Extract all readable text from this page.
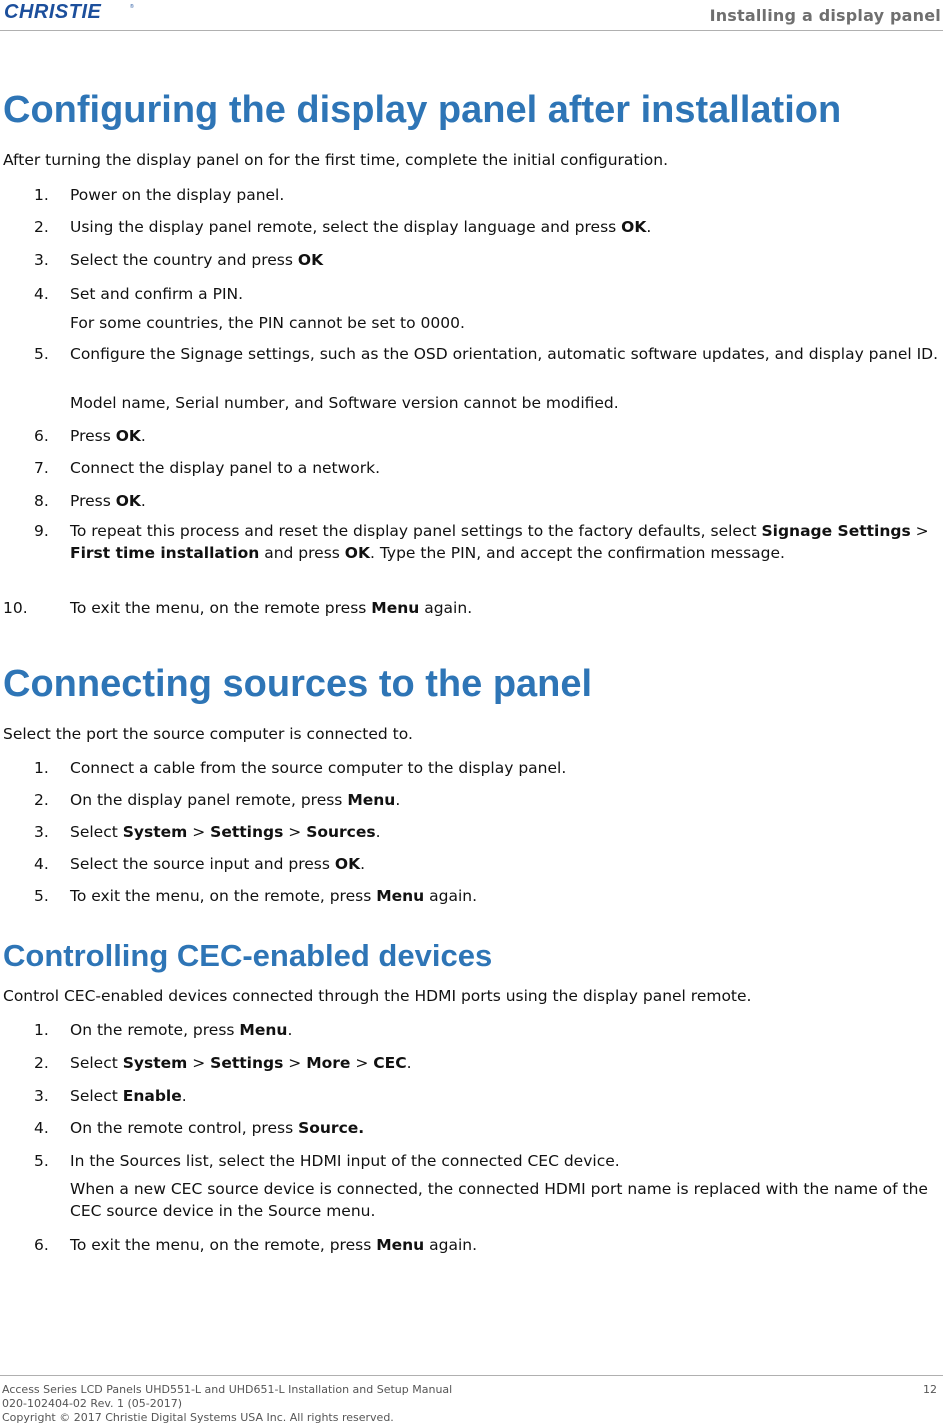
CHRISTIE	®	Installing a display panel
Configuring the display panel after installation
After turning the display panel on for the first time, complete the initial configuration.
1. Power on the display panel.
2. Using the display panel remote, select the display language and press OK.
3. Select the country and press OK
4. Set and confirm a PIN.
For some countries, the PIN cannot be set to 0000.
5. Configure the Signage settings, such as the OSD orientation, automatic software updates, and display panel ID.
Model name, Serial number, and Software version cannot be modified.
6. Press OK.
7. Connect the display panel to a network.
8. Press OK.
9. To repeat this process and reset the display panel settings to the factory defaults, select Signage Settings > First time installation and press OK. Type the PIN, and accept the confirmation message.
10.	To exit the menu, on the remote press Menu again.
Connecting sources to the panel
Select the port the source computer is connected to.
1. Connect a cable from the source computer to the display panel.
2. On the display panel remote, press Menu.
3. Select System > Settings > Sources.
4. Select the source input and press OK.
5. To exit the menu, on the remote, press Menu again.
Controlling CEC-enabled devices
Control CEC-enabled devices connected through the HDMI ports using the display panel remote.
1. On the remote, press Menu.
2. Select System > Settings > More > CEC.
3. Select Enable.
4. On the remote control, press Source.
5. In the Sources list, select the HDMI input of the connected CEC device.
When a new CEC source device is connected, the connected HDMI port name is replaced with the name of the CEC source device in the Source menu.
6. To exit the menu, on the remote, press Menu again.
Access Series LCD Panels UHD551-L and UHD651-L Installation and Setup Manual
020-102404-02 Rev. 1 (05-2017)
Copyright © 2017 Christie Digital Systems USA Inc. All rights reserved.
12
